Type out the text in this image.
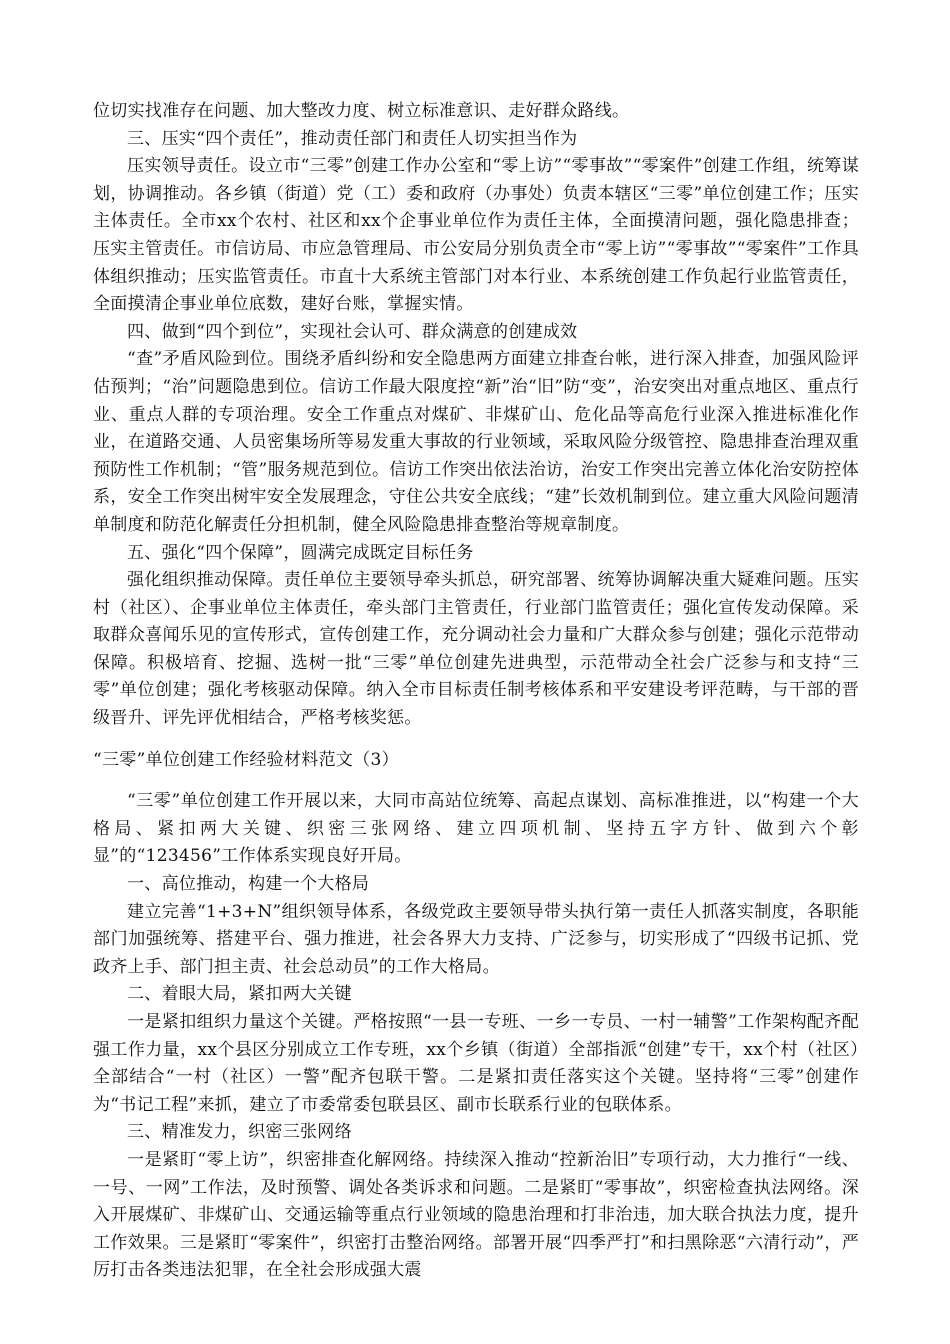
位切实找准存在问题、加大整改力度、树立标准意识、走好群众路线。

三、压实“四个责任”，推动责任部门和责任人切实担当作为

压实领导责任。设立市“三零”创建工作办公室和“零上访”“零事故”“零案件”创建工作组，统筹谋划，协调推动。各乡镇（街道）党（工）委和政府（办事处）负责本辖区“三零”单位创建工作；压实主体责任。全市xx个农村、社区和xx个企事业单位作为责任主体，全面摸清问题，强化隐患排查；压实主管责任。市信访局、市应急管理局、市公安局分别负责全市“零上访”“零事故”“零案件”工作具体组织推动；压实监管责任。市直十大系统主管部门对本行业、本系统创建工作负起行业监管责任，全面摸清企事业单位底数，建好台账，掌握实情。

四、做到“四个到位”，实现社会认可、群众满意的创建成效

“查”矛盾风险到位。围绕矛盾纠纷和安全隐患两方面建立排查台帐，进行深入排查，加强风险评估预判；“治”问题隐患到位。信访工作最大限度控“新”治“旧”防“变”，治安突出对重点地区、重点行业、重点人群的专项治理。安全工作重点对煤矿、非煤矿山、危化品等高危行业深入推进标准化作业，在道路交通、人员密集场所等易发重大事故的行业领域，采取风险分级管控、隐患排查治理双重预防性工作机制；“管”服务规范到位。信访工作突出依法治访，治安工作突出完善立体化治安防控体系，安全工作突出树牢安全发展理念，守住公共安全底线；“建”长效机制到位。建立重大风险问题清单制度和防范化解责任分担机制，健全风险隐患排查整治等规章制度。

五、强化“四个保障”，圆满完成既定目标任务

强化组织推动保障。责任单位主要领导牵头抓总，研究部署、统筹协调解决重大疑难问题。压实村（社区）、企事业单位主体责任，牵头部门主管责任，行业部门监管责任；强化宣传发动保障。采取群众喜闻乐见的宣传形式，宣传创建工作，充分调动社会力量和广大群众参与创建；强化示范带动保障。积极培育、挖掘、选树一批“三零”单位创建先进典型，示范带动全社会广泛参与和支持“三零”单位创建；强化考核驱动保障。纳入全市目标责任制考核体系和平安建设考评范畴，与干部的晋级晋升、评先评优相结合，严格考核奖惩。

“三零”单位创建工作经验材料范文（3）

“三零”单位创建工作开展以来，大同市高站位统筹、高起点谋划、高标准推进，以“构建一个大格局、紧扣两大关键、织密三张网络、建立四项机制、坚持五字方针、做到六个彰显”的“123456”工作体系实现良好开局。

一、高位推动，构建一个大格局

建立完善“1+3+N”组织领导体系，各级党政主要领导带头执行第一责任人抓落实制度，各职能部门加强统筹、搭建平台、强力推进，社会各界大力支持、广泛参与，切实形成了“四级书记抓、党政齐上手、部门担主责、社会总动员”的工作大格局。

二、着眼大局，紧扣两大关键

一是紧扣组织力量这个关键。严格按照“一县一专班、一乡一专员、一村一辅警”工作架构配齐配强工作力量，xx个县区分别成立工作专班，xx个乡镇（街道）全部指派“创建”专干，xx个村（社区）全部结合“一村（社区）一警”配齐包联干警。二是紧扣责任落实这个关键。坚持将“三零”创建作为“书记工程”来抓，建立了市委常委包联县区、副市长联系行业的包联体系。

三、精准发力，织密三张网络

一是紧盯“零上访”，织密排查化解网络。持续深入推动“控新治旧”专项行动，大力推行“一线、一号、一网”工作法，及时预警、调处各类诉求和问题。二是紧盯“零事故”，织密检查执法网络。深入开展煤矿、非煤矿山、交通运输等重点行业领域的隐患治理和打非治违，加大联合执法力度，提升工作效果。三是紧盯“零案件”，织密打击整治网络。部署开展“四季严打”和扫黑除恶“六清行动”，严厉打击各类违法犯罪，在全社会形成强大震
